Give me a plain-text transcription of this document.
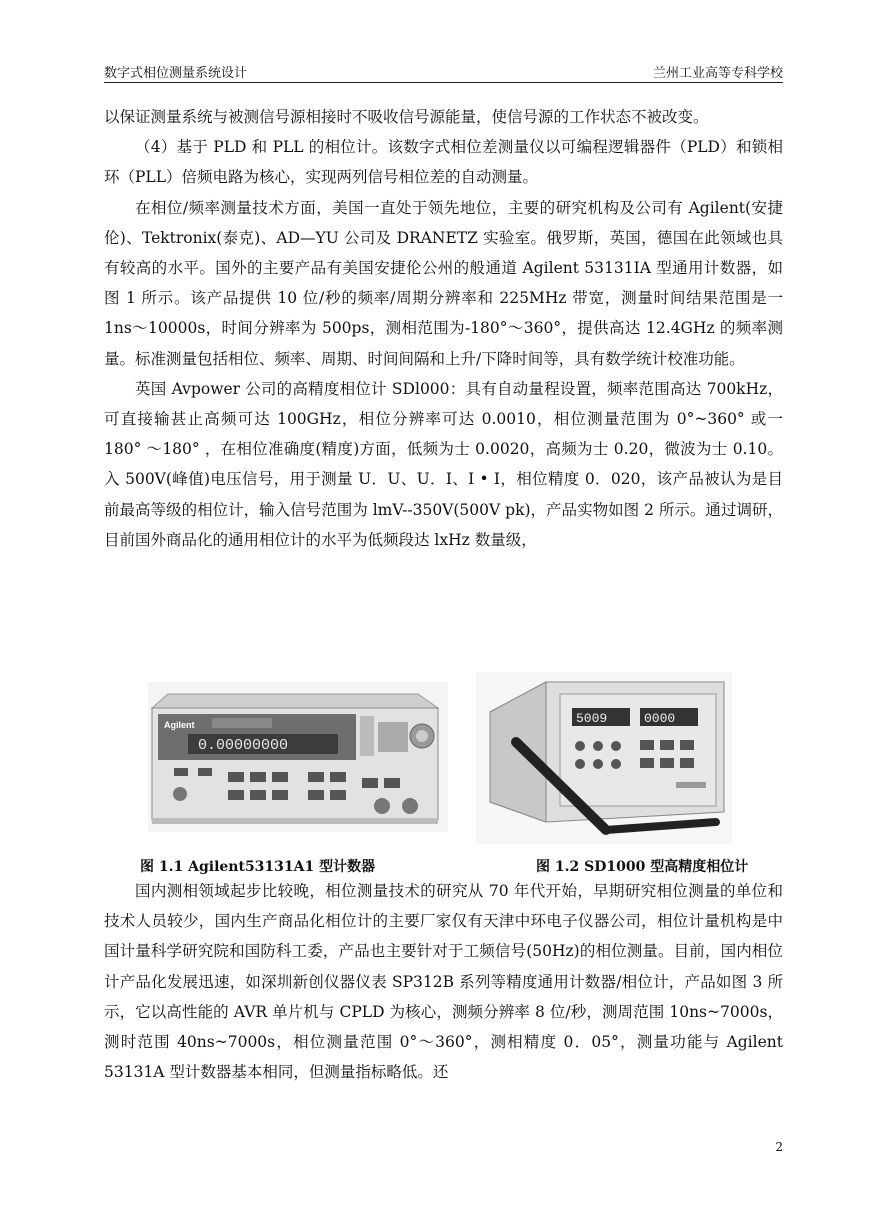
数字式相位测量系统设计	兰州工业高等专科学校

以保证测量系统与被测信号源相接时不吸收信号源能量，使信号源的工作状态不被改变。

（4）基于 PLD 和 PLL 的相位计。该数字式相位差测量仪以可编程逻辑器件（PLD）和锁相环（PLL）倍频电路为核心，实现两列信号相位差的自动测量。

在相位/频率测量技术方面，美国一直处于领先地位，主要的研究机构及公司有 Agilent(安捷伦)、Tektronix(泰克)、AD—YU 公司及 DRANETZ 实验室。俄罗斯，英国，德国在此领域也具有较高的水平。国外的主要产品有美国安捷伦公州的般通道 Agilent 53131IA 型通用计数器，如图 1 所示。该产品提供 10 位/秒的频率/周期分辨率和 225MHz 带宽，测量时间结果范围是一 1ns～10000s，时间分辨率为 500ps，测相范围为-180°～360°，提供高达 12.4GHz 的频率测量。标准测量包括相位、频率、周期、时间间隔和上升/下降时间等，具有数学统计校准功能。

英国 Avpower 公司的高精度相位计 SDl000：具有自动量程设置，频率范围高达 700kHz，可直接输甚止高频可达 100GHz，相位分辨率可达 0.0010，相位测量范围为 0°~360° 或一 180° ～180° ，在相位准确度(精度)方面，低频为士 0.0020，高频为士 0.20，微波为士 0.10。入 500V(峰值)电压信号，用于测量 U．U、U．I、I • I，相位精度 0．020，该产品被认为是目前最高等级的相位计，输入信号范围为 lmV--350V(500V pk)，产品实物如图 2 所示。通过调研，目前国外商品化的通用相位计的水平为低频段达 lxHz 数量级，

Agilent
0.00000000
5009	0000
图 1.1 Agilent53131A1 型计数器	图 1.2 SD1000 型高精度相位计

国内测相领域起步比较晚，相位测量技术的研究从 70 年代开始，早期研究相位测量的单位和技术人员较少，国内生产商品化相位计的主要厂家仅有天津中环电子仪器公司，相位计量机构是中国计量科学研究院和国防科工委，产品也主要针对于工频信号(50Hz)的相位测量。目前，国内相位计产品化发展迅速，如深圳新创仪器仪表 SP312B 系列等精度通用计数器/相位计，产品如图 3 所示，它以高性能的 AVR 单片机与 CPLD 为核心，测频分辨率 8 位/秒，测周范围 10ns~7000s，测时范围 40ns~7000s，相位测量范围 0°～360°，测相精度 0．05°，测量功能与 Agilent 53131A 型计数器基本相同，但测量指标略低。还

2
